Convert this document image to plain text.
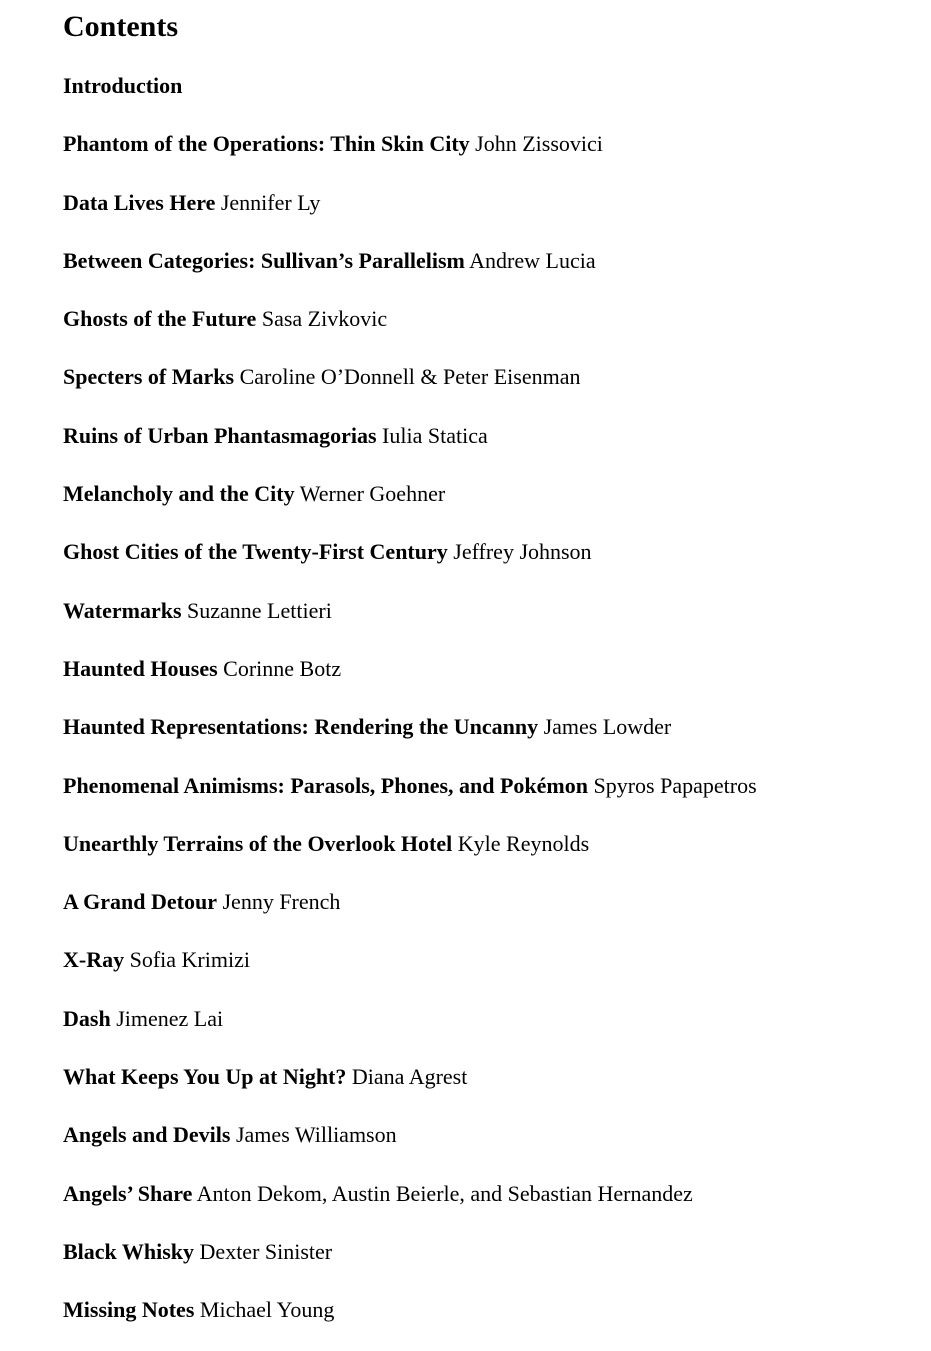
Contents

Introduction

Phantom of the Operations: Thin Skin City John Zissovici

Data Lives Here Jennifer Ly

Between Categories: Sullivan’s Parallelism Andrew Lucia

Ghosts of the Future Sasa Zivkovic

Specters of Marks Caroline O’Donnell & Peter Eisenman

Ruins of Urban Phantasmagorias Iulia Statica

Melancholy and the City Werner Goehner

Ghost Cities of the Twenty-First Century Jeffrey Johnson

Watermarks Suzanne Lettieri

Haunted Houses Corinne Botz

Haunted Representations: Rendering the Uncanny James Lowder

Phenomenal Animisms: Parasols, Phones, and Pokémon Spyros Papapetros

Unearthly Terrains of the Overlook Hotel Kyle Reynolds

A Grand Detour Jenny French

X-Ray Sofia Krimizi

Dash Jimenez Lai

What Keeps You Up at Night? Diana Agrest

Angels and Devils James Williamson

Angels’ Share Anton Dekom, Austin Beierle, and Sebastian Hernandez

Black Whisky Dexter Sinister

Missing Notes Michael Young
